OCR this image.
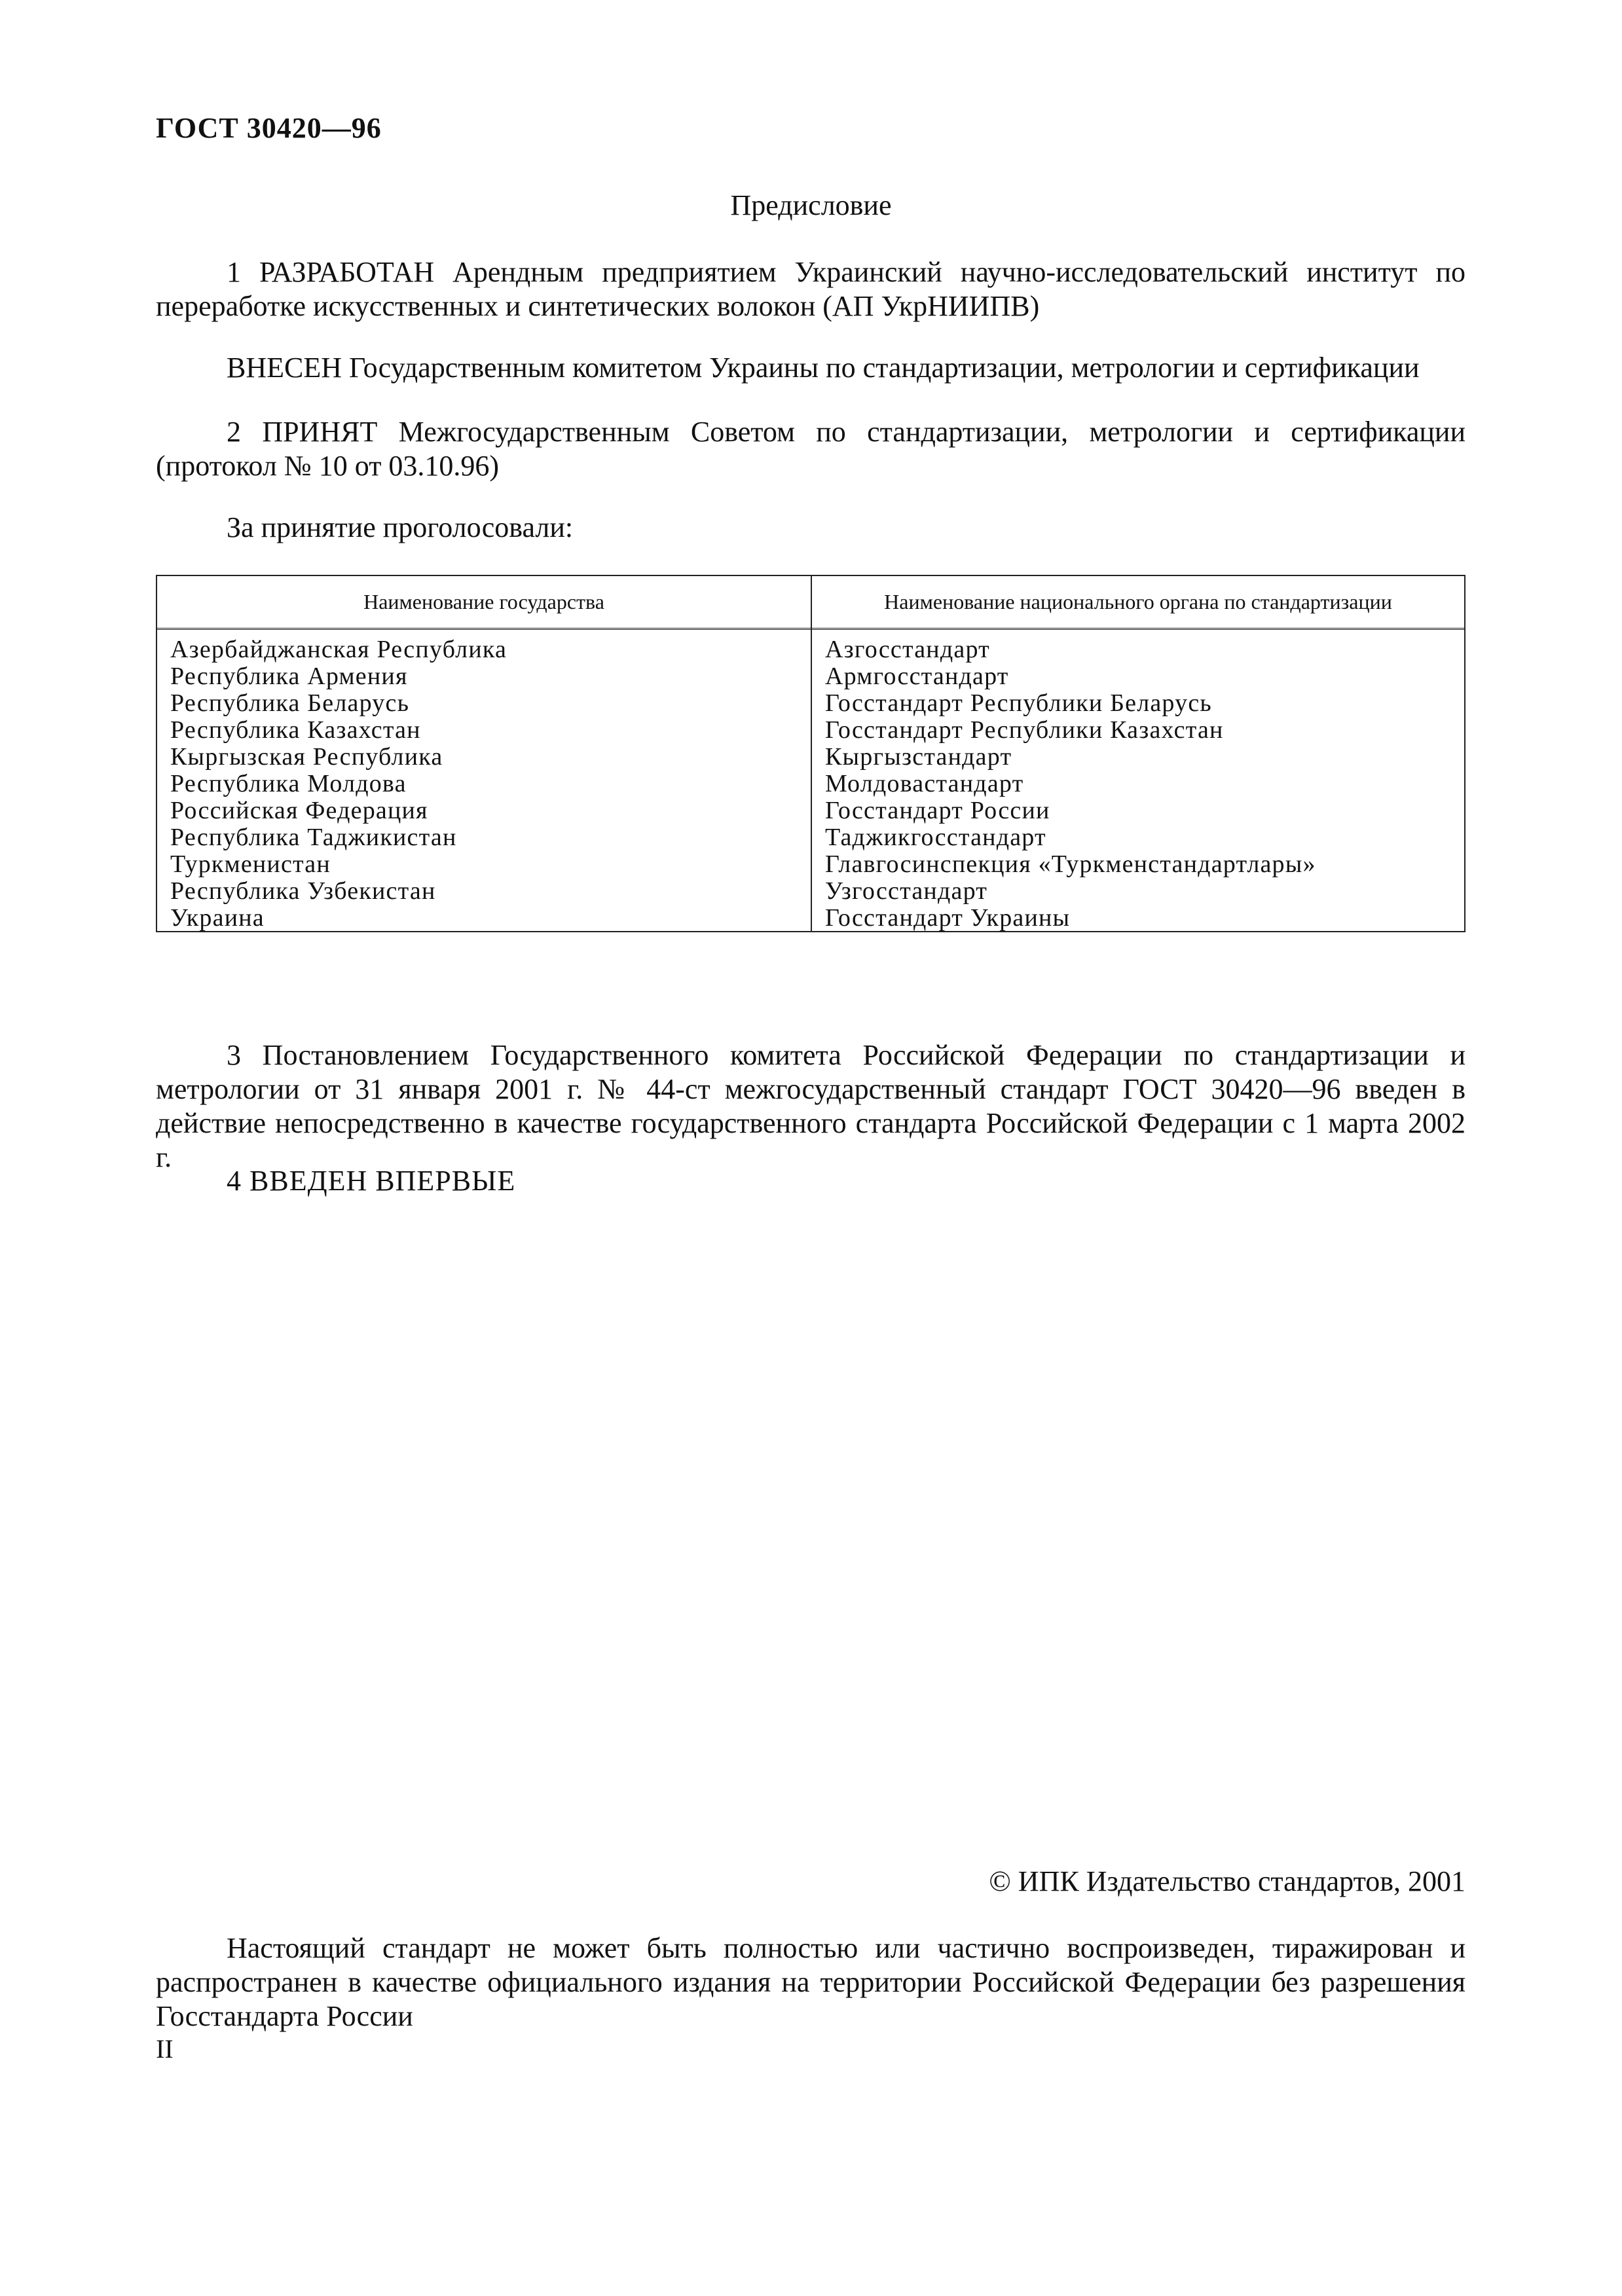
ГОСТ 30420—96
Предисловие
1 РАЗРАБОТАН Арендным предприятием Украинский научно-исследовательский институт по переработке искусственных и синтетических волокон (АП УкрНИИПВ)
ВНЕСЕН Государственным комитетом Украины по стандартизации, метрологии и сертификации
2 ПРИНЯТ Межгосударственным Советом по стандартизации, метрологии и сертификации (протокол № 10 от 03.10.96)
За принятие проголосовали:
Наименование государства	Наименование национального органа по стандартизации
Азербайджанская Республика	Азгосстандарт
Республика Армения	Армгосстандарт
Республика Беларусь	Госстандарт Республики Беларусь
Республика Казахстан	Госстандарт Республики Казахстан
Кыргызская Республика	Кыргызстандарт
Республика Молдова	Молдовастандарт
Российская Федерация	Госстандарт России
Республика Таджикистан	Таджикгосстандарт
Туркменистан	Главгосинспекция «Туркменстандартлары»
Республика Узбекистан	Узгосстандарт
Украина	Госстандарт Украины
3 Постановлением Государственного комитета Российской Федерации по стандартизации и метрологии от 31 января 2001 г. № 44-ст межгосударственный стандарт ГОСТ 30420—96 введен в действие непосредственно в качестве государственного стандарта Российской Федерации с 1 марта 2002 г.
4 ВВЕДЕН ВПЕРВЫЕ
© ИПК Издательство стандартов, 2001
Настоящий стандарт не может быть полностью или частично воспроизведен, тиражирован и распространен в качестве официального издания на территории Российской Федерации без разрешения Госстандарта России
II
